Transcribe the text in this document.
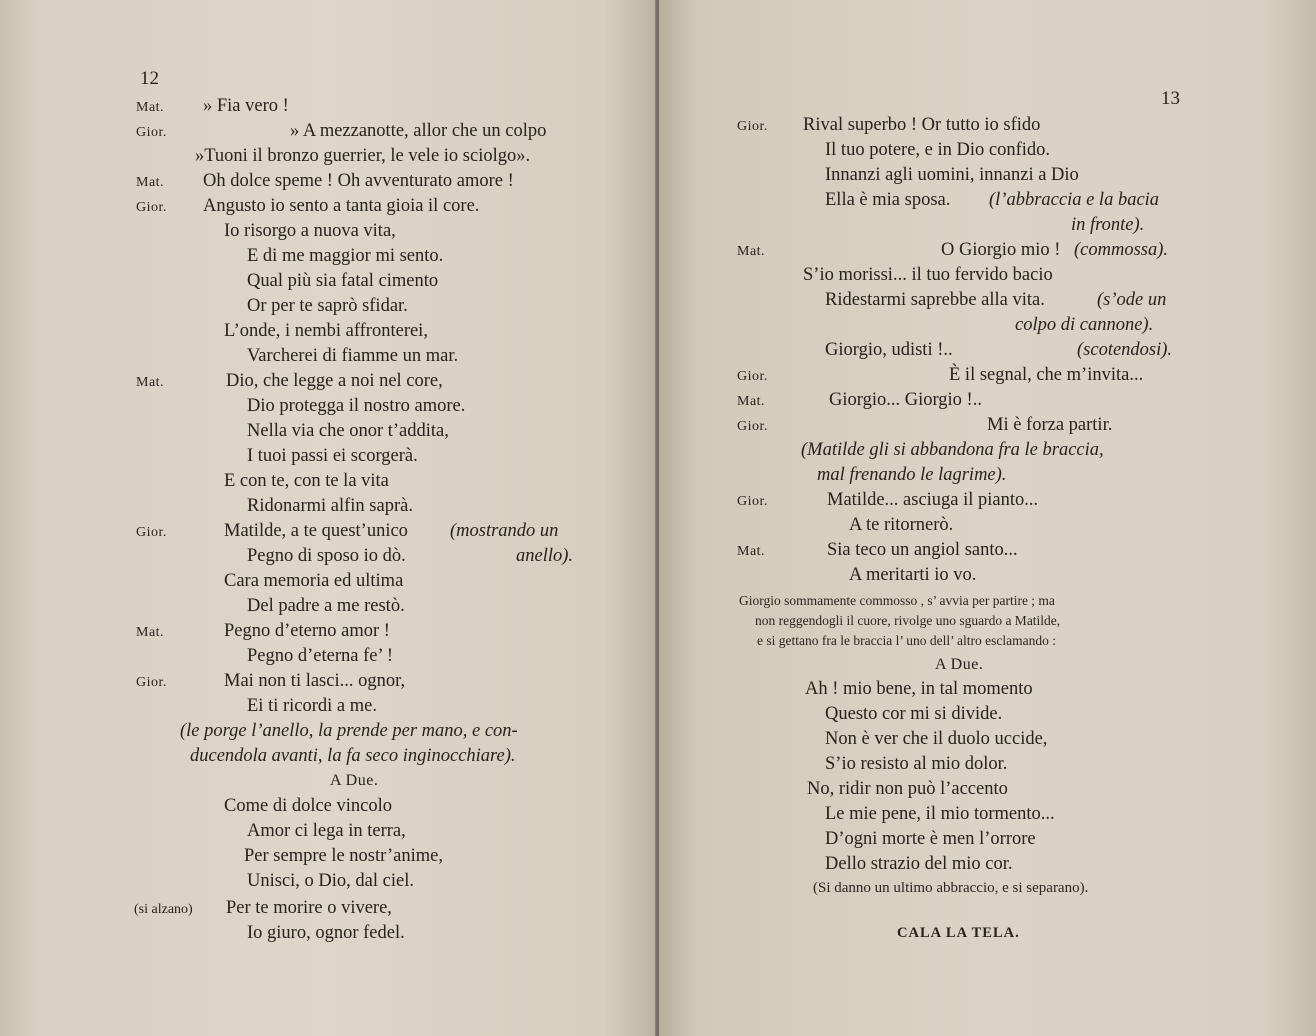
12
Mat. » Fia vero !
Gior.	» A mezzanotte, allor che un colpo
»Tuoni il bronzo guerrier, le vele io sciolgo».
Mat. Oh dolce speme ! Oh avventurato amore !
Gior. Angusto io sento a tanta gioia il core.
Io risorgo a nuova vita,
E di me maggior mi sento.
Qual più sia fatal cimento
Or per te saprò sfidar.
L’onde, i nembi affronterei,
Varcherei di fiamme un mar.
Mat.	Dio, che legge a noi nel core,
Dio protegga il nostro amore.
Nella via che onor t’addita,
I tuoi passi ei scorgerà.
E con te, con te la vita
Ridonarmi alfin saprà.
Gior.	Matilde, a te quest’unico (mostrando un
Pegno di sposo io dò.	anello).
Cara memoria ed ultima
Del padre a me restò.
Mat.	Pegno d’eterno amor !
Pegno d’eterna fe’ !
Gior.	Mai non ti lasci... ognor,
Ei ti ricordi a me.
(le porge l’anello, la prende per mano, e con-
ducendola avanti, la fa seco inginocchiare).
A Due.
Come di dolce vincolo
Amor ci lega in terra,
Per sempre le nostr’anime,
Unisci, o Dio, dal ciel.
(si alzano) Per te morire o vivere,
Io giuro, ognor fedel.
13
Gior. Rival superbo ! Or tutto io sfido
Il tuo potere, e in Dio confido.
Innanzi agli uomini, innanzi a Dio
Ella è mia sposa. (l’abbraccia e la bacia
in fronte).
Mat.	O Giorgio mio ! (commossa).
S’io morissi... il tuo fervido bacio
Ridestarmi saprebbe alla vita.	(s’ode un
colpo di cannone).
Giorgio, udisti !..	(scotendosi).
Gior.	È il segnal, che m’invita...
Mat.	Giorgio... Giorgio !..
Gior.	Mi è forza partir.
(Matilde gli si abbandona fra le braccia,
mal frenando le lagrime).
Gior.	Matilde... asciuga il pianto...
A te ritornerò.
Mat.	Sia teco un angiol santo...
A meritarti io vo.
Giorgio sommamente commosso , s’ avvia per partire ; ma
non reggendogli il cuore, rivolge uno sguardo a Matilde,
e si gettano fra le braccia l’ uno dell’ altro esclamando :
A Due.
Ah ! mio bene, in tal momento
Questo cor mi si divide.
Non è ver che il duolo uccide,
S’io resisto al mio dolor.
No, ridir non può l’accento
Le mie pene, il mio tormento...
D’ogni morte è men l’orrore
Dello strazio del mio cor.
(Si danno un ultimo abbraccio, e si separano).
CALA LA TELA.
